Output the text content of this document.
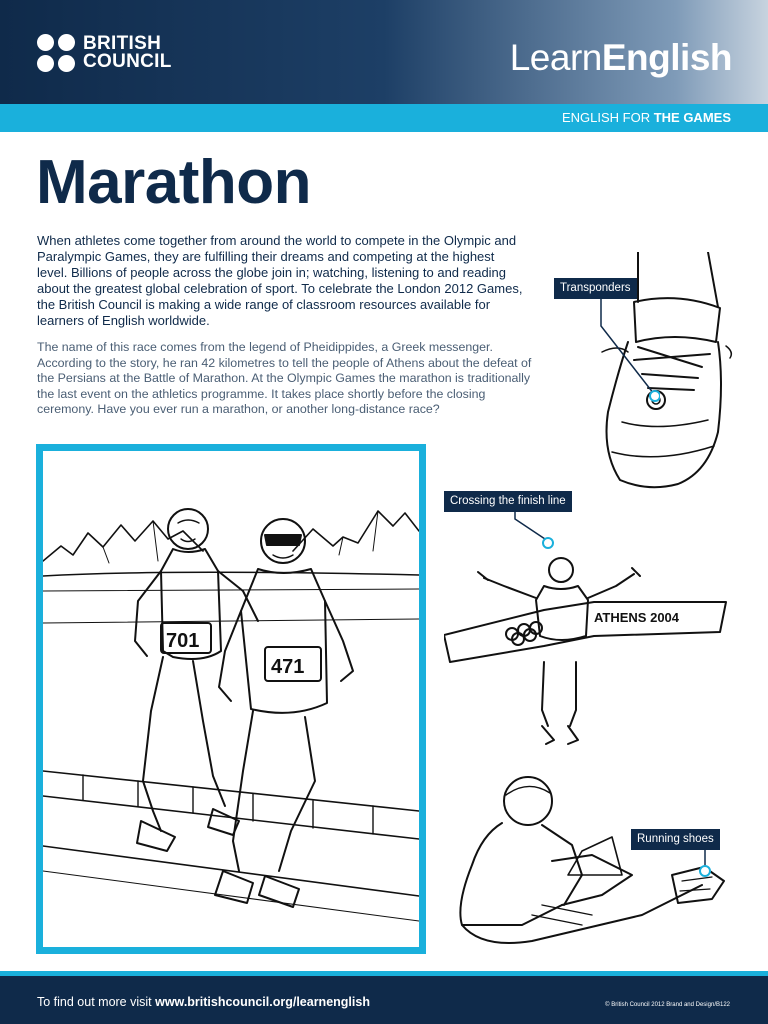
BRITISH
COUNCIL	LearnEnglish
ENGLISH FOR THE GAMES
Marathon

When athletes come together from around the world to compete in the Olympic and Paralympic Games, they are fulfilling their dreams and competing at the highest level. Billions of people across the globe join in; watching, listening to and reading about the greatest global celebration of sport. To celebrate the London 2012 Games, the British Council is making a wide range of classroom resources available for learners of English worldwide.

The name of this race comes from the legend of Pheidippides, a Greek messenger. According to the story, he ran 42 kilometres to tell the people of Athens about the defeat of the Persians at the Battle of Marathon. At the Olympic Games the marathon is traditionally the last event on the athletics programme. It takes place shortly before the closing ceremony. Have you ever run a marathon, or another long-distance race?

701
471
Transponders
ATHENS 2004
Crossing the finish line
Running shoes
To find out more visit www.britishcouncil.org/learnenglish	© British Council 2012 Brand and Design/B122
